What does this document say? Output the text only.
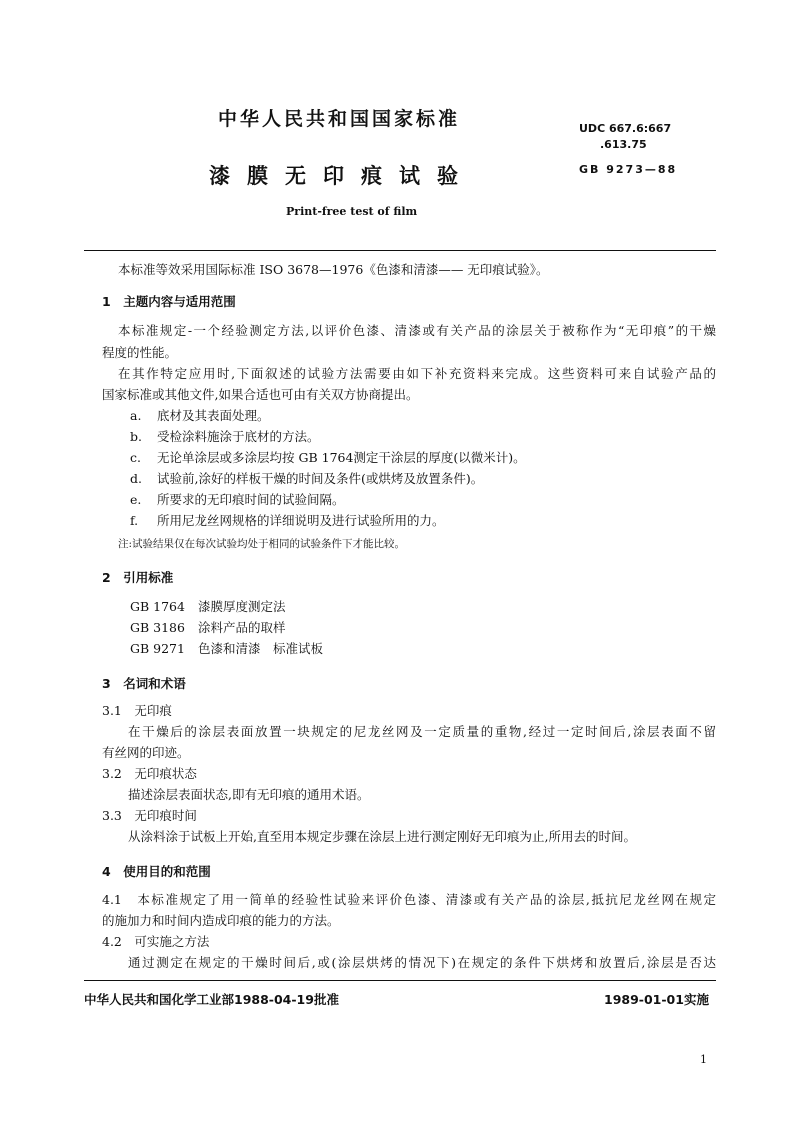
中华人民共和国国家标准	UDC 667.6:667
.613.75
漆膜无印痕试验	GB 9273—88
Print-free test of film
本标准等效采用国际标准 ISO 3678—1976《色漆和清漆—— 无印痕试验》。
1　主题内容与适用范围
本标准规定-一个经验测定方法,以评价色漆、清漆或有关产品的涂层关于被称作为“无印痕”的干燥
程度的性能。
在其作特定应用时,下面叙述的试验方法需要由如下补充资料来完成。这些资料可来自试验产品的
国家标准或其他文件,如果合适也可由有关双方协商提出。
a. 底材及其表面处理。
b. 受检涂料施涂于底材的方法。
c. 无论单涂层或多涂层均按 GB 1764测定干涂层的厚度(以微米计)。
d. 试验前,涂好的样板干燥的时间及条件(或烘烤及放置条件)。
e. 所要求的无印痕时间的试验间隔。
f. 所用尼龙丝网规格的详细说明及进行试验所用的力。
注:试验结果仅在每次试验均处于相同的试验条件下才能比较。
2　引用标准
GB 1764 漆膜厚度测定法
GB 3186 涂料产品的取样
GB 9271 色漆和清漆　标准试板
3　名词和术语
3.1　无印痕
在干燥后的涂层表面放置一块规定的尼龙丝网及一定质量的重物,经过一定时间后,涂层表面不留
有丝网的印迹。
3.2　无印痕状态
描述涂层表面状态,即有无印痕的通用术语。
3.3　无印痕时间
从涂料涂于试板上开始,直至用本规定步骤在涂层上进行测定刚好无印痕为止,所用去的时间。
4　使用目的和范围
4.1　本标准规定了用一简单的经验性试验来评价色漆、清漆或有关产品的涂层,抵抗尼龙丝网在规定
的施加力和时间内造成印痕的能力的方法。
4.2　可实施之方法
通过测定在规定的干燥时间后,或(涂层烘烤的情况下)在规定的条件下烘烤和放置后,涂层是否达
中华人民共和国化学工业部1988-04-19批准	1989-01-01实施
1
